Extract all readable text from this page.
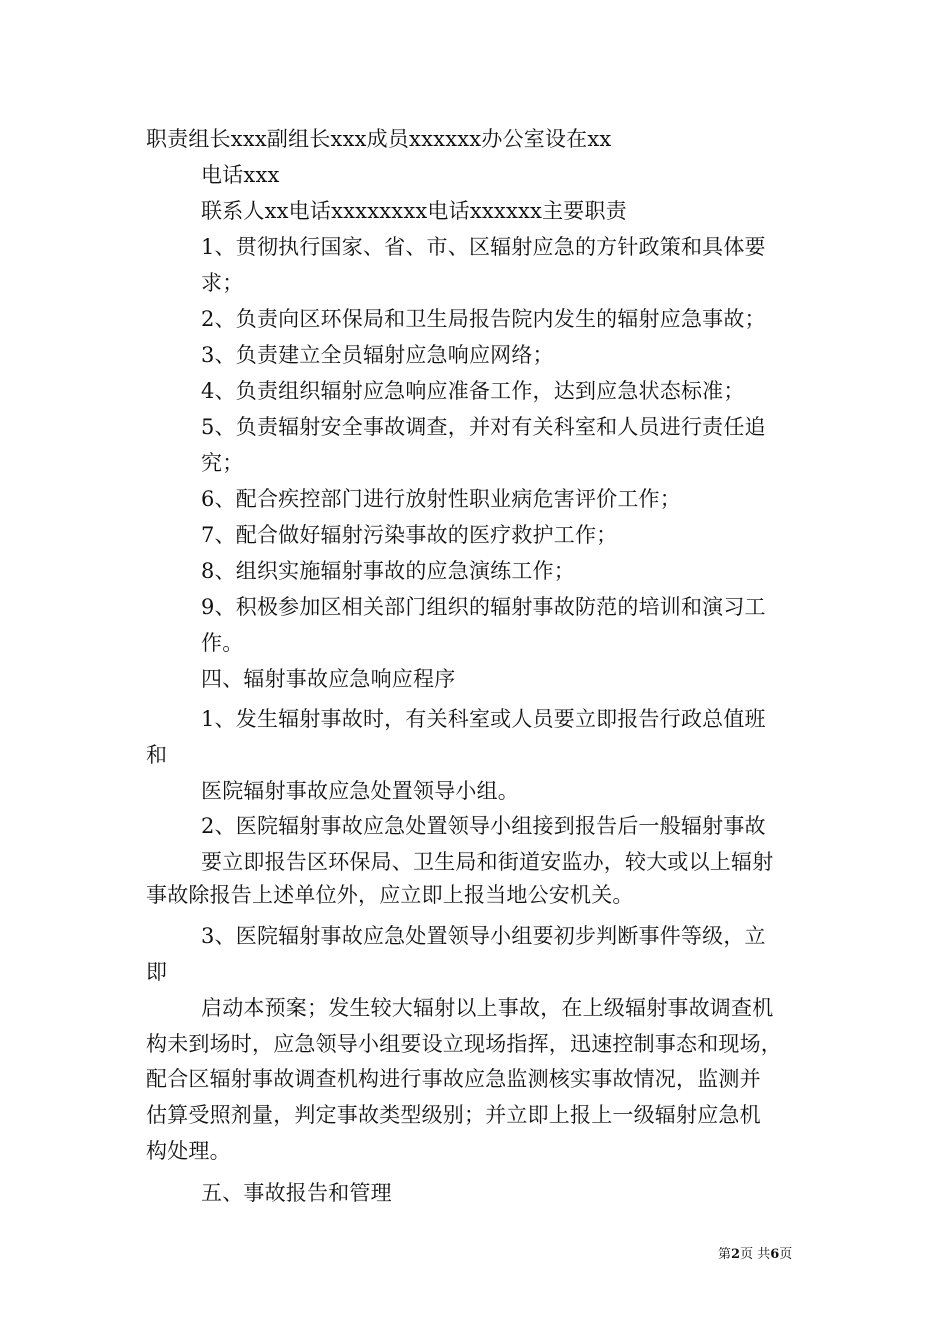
职责组长xxx副组长xxx成员xxxxxx办公室设在xx
电话xxx
联系人xx电话xxxxxxxx电话xxxxxx主要职责
1、贯彻执行国家、省、市、区辐射应急的方针政策和具体要
求；
2、负责向区环保局和卫生局报告院内发生的辐射应急事故；
3、负责建立全员辐射应急响应网络；
4、负责组织辐射应急响应准备工作，达到应急状态标准；
5、负责辐射安全事故调查，并对有关科室和人员进行责任追
究；
6、配合疾控部门进行放射性职业病危害评价工作；
7、配合做好辐射污染事故的医疗救护工作；
8、组织实施辐射事故的应急演练工作；
9、积极参加区相关部门组织的辐射事故防范的培训和演习工
作。
四、辐射事故应急响应程序
1、发生辐射事故时，有关科室或人员要立即报告行政总值班
和
医院辐射事故应急处置领导小组。
2、医院辐射事故应急处置领导小组接到报告后一般辐射事故
要立即报告区环保局、卫生局和街道安监办，较大或以上辐射
事故除报告上述单位外，应立即上报当地公安机关。
3、医院辐射事故应急处置领导小组要初步判断事件等级，立
即
启动本预案；发生较大辐射以上事故，在上级辐射事故调查机
构未到场时，应急领导小组要设立现场指挥，迅速控制事态和现场，
配合区辐射事故调查机构进行事故应急监测核实事故情况，监测并
估算受照剂量，判定事故类型级别；并立即上报上一级辐射应急机
构处理。
五、事故报告和管理
第2页 共6页
